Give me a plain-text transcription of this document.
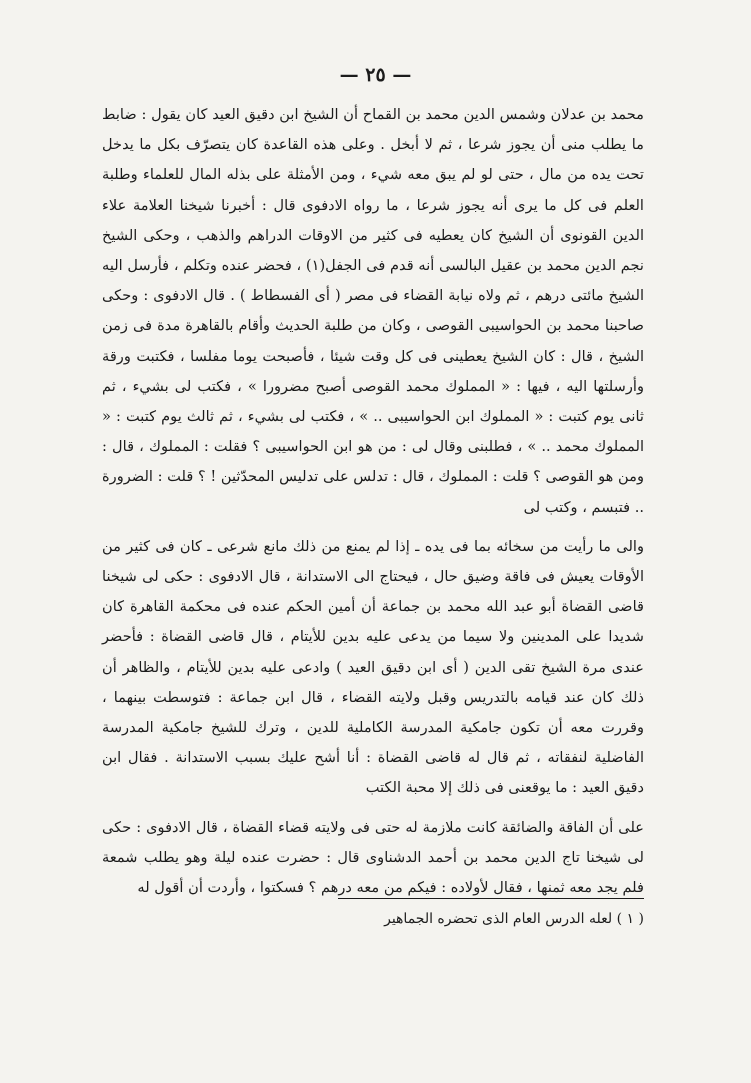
— ٢٥ —

محمد بن عدلان وشمس الدين محمد بن القماح أن الشيخ ابن دقيق العيد كان يقول : ضابط ما يطلب منى أن يجوز شرعا ، ثم لا أبخل . وعلى هذه القاعدة كان يتصرّف بكل ما يدخل تحت يده من مال ، حتى لو لم يبق معه شيء ، ومن الأمثلة على بذله المال للعلماء وطلبة العلم فى كل ما يرى أنه يجوز شرعا ، ما رواه الادفوى قال : أخبرنا شيخنا العلامة علاء الدين القونوى أن الشيخ كان يعطيه فى كثير من الاوقات الدراهم والذهب ، وحكى الشيخ نجم الدين محمد بن عقيل البالسى أنه قدم فى الجفل(١) ، فحضر عنده وتكلم ، فأرسل اليه الشيخ مائتى درهم ، ثم ولاه نيابة القضاء فى مصر ( أى الفسطاط ) . قال الادفوى : وحكى صاحبنا محمد بن الحواسيبى القوصى ، وكان من طلبة الحديث وأقام بالقاهرة مدة فى زمن الشيخ ، قال : كان الشيخ يعطينى فى كل وقت شيئا ، فأصبحت يوما مفلسا ، فكتبت ورقة وأرسلتها اليه ، فيها : « المملوك محمد القوصى أصبح مضرورا » ، فكتب لى بشيء ، ثم ثانى يوم كتبت : « المملوك ابن الحواسيبى .. » ، فكتب لى بشيء ، ثم ثالث يوم كتبت : « المملوك محمد .. » ، فطلبنى وقال لى : من هو ابن الحواسيبى ؟ فقلت : المملوك ، قال : ومن هو القوصى ؟ قلت : المملوك ، قال : تدلس على تدليس المحدّثين ! ؟ قلت : الضرورة .. فتبسم ، وكتب لى

والى ما رأيت من سخائه بما فى يده ـ إذا لم يمنع من ذلك مانع شرعى ـ كان فى كثير من الأوقات يعيش فى فاقة وضيق حال ، فيحتاج الى الاستدانة ، قال الادفوى : حكى لى شيخنا قاضى القضاة أبو عبد الله محمد بن جماعة أن أمين الحكم عنده فى محكمة القاهرة كان شديدا على المدينين ولا سيما من يدعى عليه بدين للأيتام ، قال قاضى القضاة : فأحضر عندى مرة الشيخ تقى الدين ( أى ابن دقيق العيد ) وادعى عليه بدين للأيتام ، والظاهر أن ذلك كان عند قيامه بالتدريس وقبل ولايته القضاء ، قال ابن جماعة : فتوسطت بينهما ، وقررت معه أن تكون جامكية المدرسة الكاملية للدين ، وترك للشيخ جامكية المدرسة الفاضلية لنفقاته ، ثم قال له قاضى القضاة : أنا أشح عليك بسبب الاستدانة . فقال ابن دقيق العيد : ما يوقعنى فى ذلك إلا محبة الكتب

على أن الفاقة والضائقة كانت ملازمة له حتى فى ولايته قضاء القضاة ، قال الادفوى : حكى لى شيخنا تاج الدين محمد بن أحمد الدشناوى قال : حضرت عنده ليلة وهو يطلب شمعة فلم يجد معه ثمنها ، فقال لأولاده : فيكم من معه درهم ؟ فسكتوا ، وأردت أن أقول له

( ١ ) لعله الدرس العام الذى تحضره الجماهير
